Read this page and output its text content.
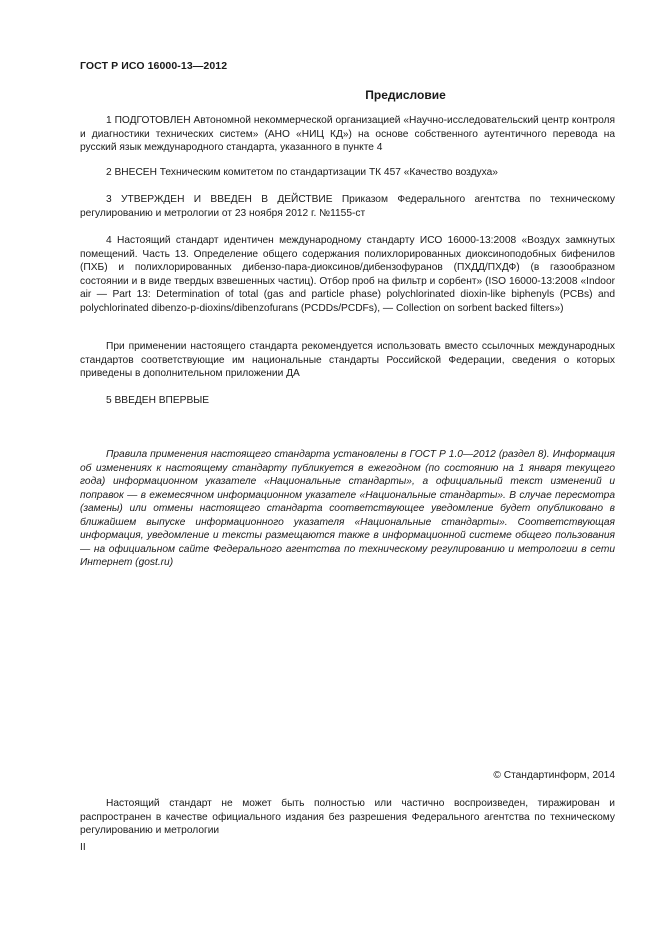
ГОСТ Р ИСО 16000-13—2012
Предисловие

1 ПОДГОТОВЛЕН Автономной некоммерческой организацией «Научно-исследовательский центр контроля и диагностики технических систем» (АНО «НИЦ КД») на основе собственного аутентичного перевода на русский язык международного стандарта, указанного в пункте 4

2 ВНЕСЕН Техническим комитетом по стандартизации ТК 457 «Качество воздуха»

3 УТВЕРЖДЕН И ВВЕДЕН В ДЕЙСТВИЕ Приказом Федерального агентства по техническому регулированию и метрологии от 23 ноября 2012 г. №1155-ст

4 Настоящий стандарт идентичен международному стандарту ИСО 16000-13:2008 «Воздух замкнутых помещений. Часть 13. Определение общего содержания полихлорированных диоксиноподобных бифенилов (ПХБ) и полихлорированных дибензо-пара-диоксинов/дибензофуранов (ПХДД/ПХДФ) (в газообразном состоянии и в виде твердых взвешенных частиц). Отбор проб на фильтр и сорбент» (ISO 16000-13:2008 «Indoor air — Part 13: Determination of total (gas and particle phase) polychlorinated dioxin-like biphenyls (PCBs) and polychlorinated dibenzo-p-dioxins/dibenzofurans (PCDDs/PCDFs), — Collection on sorbent backed filters»)

При применении настоящего стандарта рекомендуется использовать вместо ссылочных международных стандартов соответствующие им национальные стандарты Российской Федерации, сведения о которых приведены в дополнительном приложении ДА

5 ВВЕДЕН ВПЕРВЫЕ

Правила применения настоящего стандарта установлены в ГОСТ Р 1.0—2012 (раздел 8). Информация об изменениях к настоящему стандарту публикуется в ежегодном (по состоянию на 1 января текущего года) информационном указателе «Национальные стандарты», а официальный текст изменений и поправок — в ежемесячном информационном указателе «Национальные стандарты». В случае пересмотра (замены) или отмены настоящего стандарта соответствующее уведомление будет опубликовано в ближайшем выпуске информационного указателя «Национальные стандарты». Соответствующая информация, уведомление и тексты размещаются также в информационной системе общего пользования — на официальном сайте Федерального агентства по техническому регулированию и метрологии в сети Интернет (gost.ru)

© Стандартинформ, 2014

Настоящий стандарт не может быть полностью или частично воспроизведен, тиражирован и распространен в качестве официального издания без разрешения Федерального агентства по техническому регулированию и метрологии

II
